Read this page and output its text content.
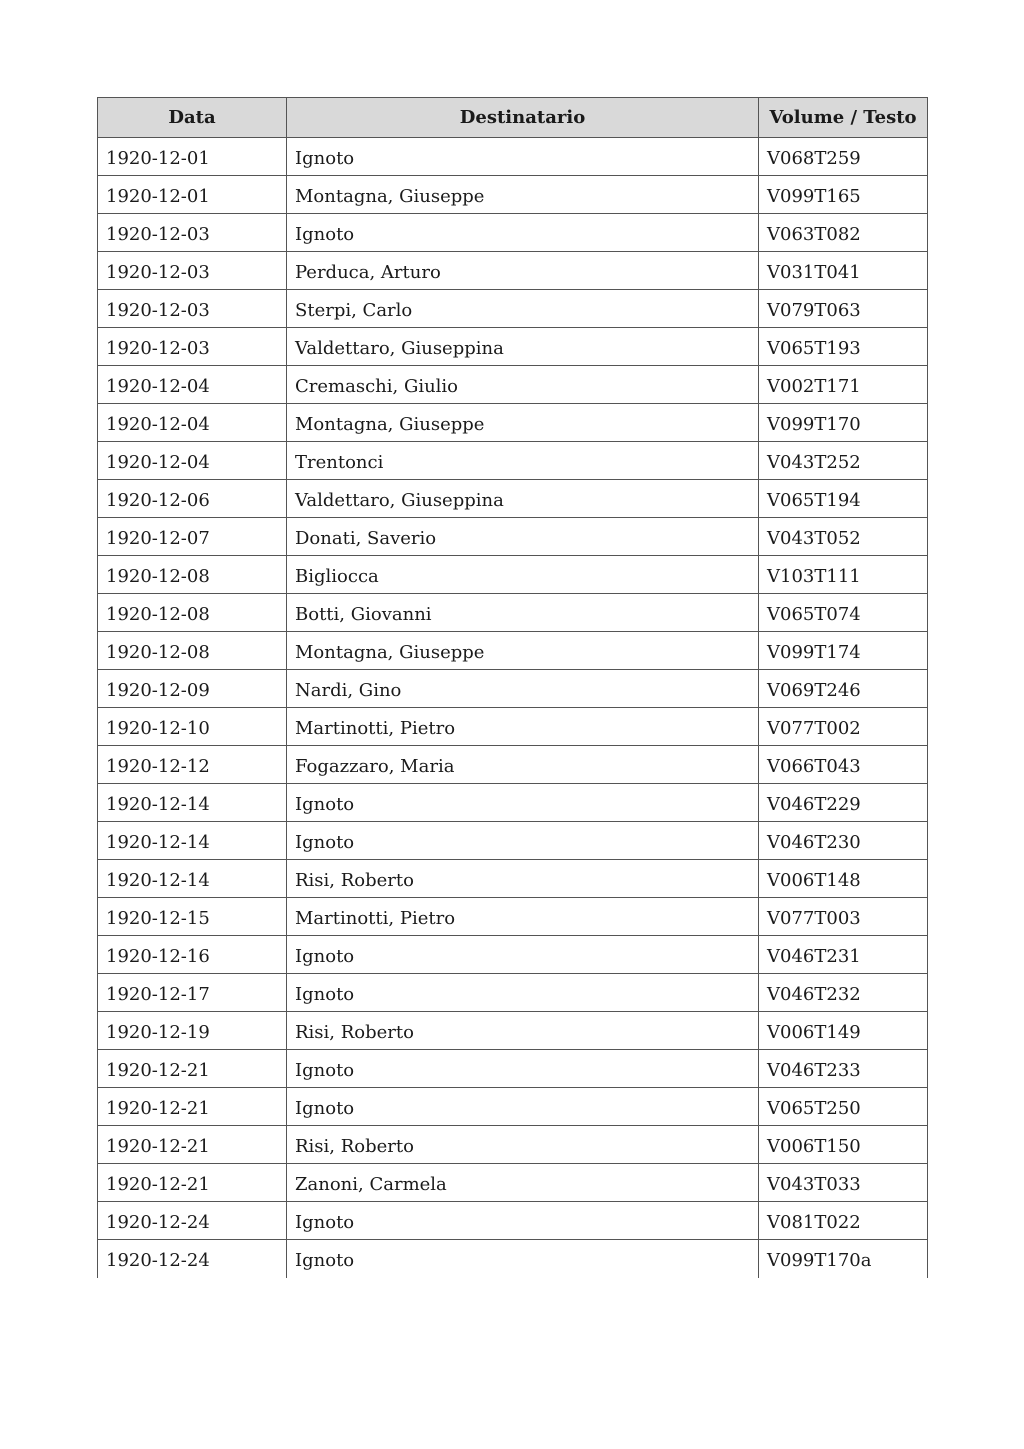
Data	Destinatario	Volume / Testo
1920-12-01	Ignoto	V068T259
1920-12-01	Montagna, Giuseppe	V099T165
1920-12-03	Ignoto	V063T082
1920-12-03	Perduca, Arturo	V031T041
1920-12-03	Sterpi, Carlo	V079T063
1920-12-03	Valdettaro, Giuseppina	V065T193
1920-12-04	Cremaschi, Giulio	V002T171
1920-12-04	Montagna, Giuseppe	V099T170
1920-12-04	Trentonci	V043T252
1920-12-06	Valdettaro, Giuseppina	V065T194
1920-12-07	Donati, Saverio	V043T052
1920-12-08	Bigliocca	V103T111
1920-12-08	Botti, Giovanni	V065T074
1920-12-08	Montagna, Giuseppe	V099T174
1920-12-09	Nardi, Gino	V069T246
1920-12-10	Martinotti, Pietro	V077T002
1920-12-12	Fogazzaro, Maria	V066T043
1920-12-14	Ignoto	V046T229
1920-12-14	Ignoto	V046T230
1920-12-14	Risi, Roberto	V006T148
1920-12-15	Martinotti, Pietro	V077T003
1920-12-16	Ignoto	V046T231
1920-12-17	Ignoto	V046T232
1920-12-19	Risi, Roberto	V006T149
1920-12-21	Ignoto	V046T233
1920-12-21	Ignoto	V065T250
1920-12-21	Risi, Roberto	V006T150
1920-12-21	Zanoni, Carmela	V043T033
1920-12-24	Ignoto	V081T022
1920-12-24	Ignoto	V099T170a
